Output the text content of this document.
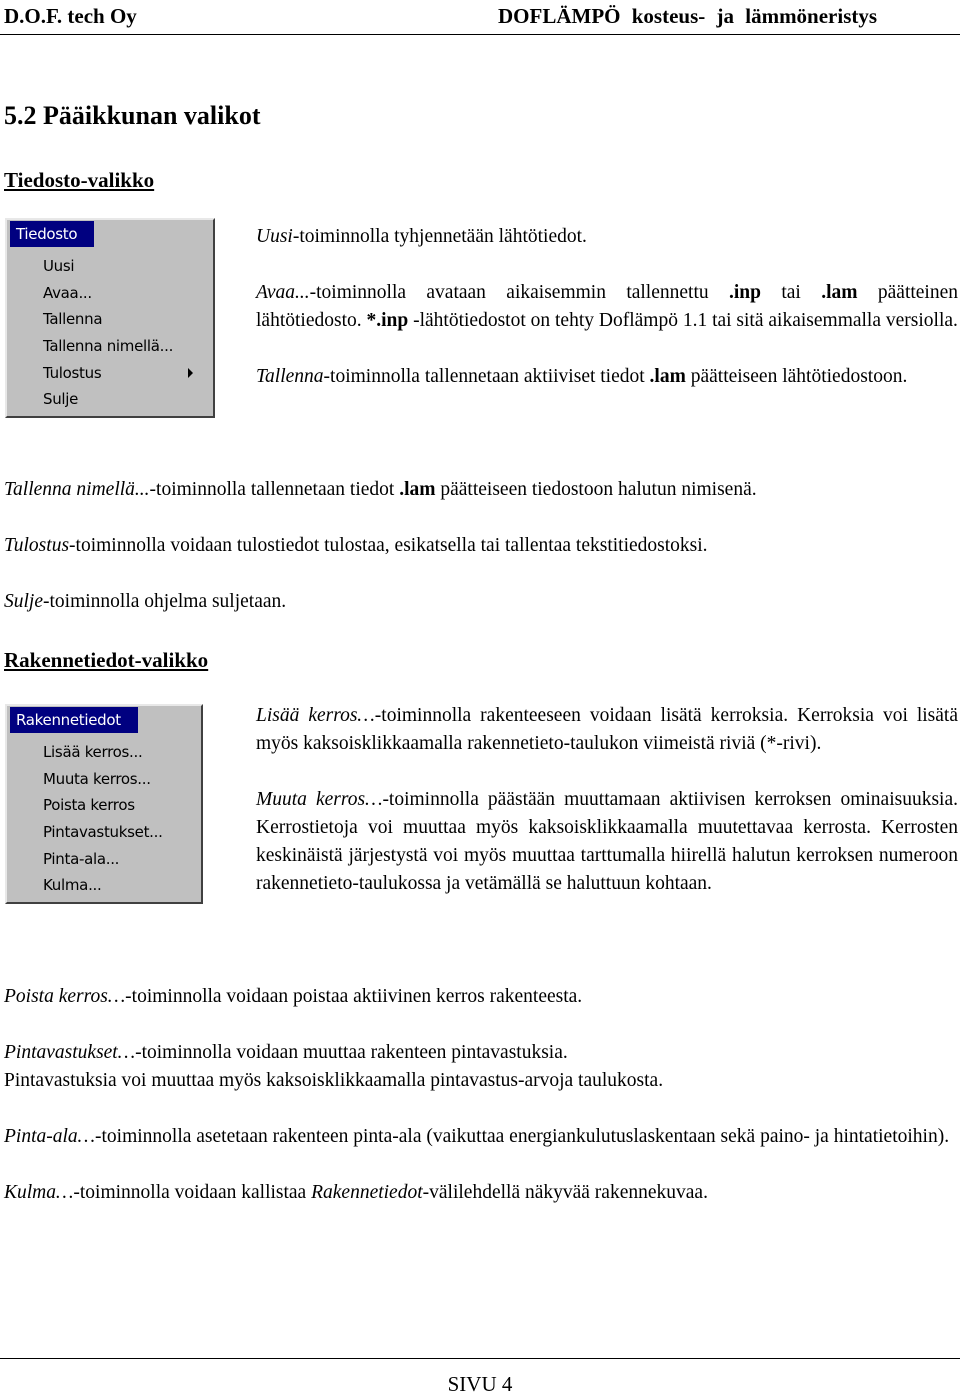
D.O.F. tech Oy	DOFLÄMPÖ kosteus- ja lämmöneristys
5.2 Pääikkunan valikot
Tiedosto-valikko
Tiedosto
Uusi
Avaa...
Tallenna
Tallenna nimellä...
Tulostus
Sulje

Uusi-toiminnolla tyhjennetään lähtötiedot.

Avaa...-toiminnolla avataan aikaisemmin tallennettu .inp tai .lam päätteinen lähtötiedosto. *.inp -lähtötiedostot on tehty Doflämpö 1.1 tai sitä aikaisemmalla versiolla.

Tallenna-toiminnolla tallennetaan aktiiviset tiedot .lam päätteiseen lähtötiedostoon.

Tallenna nimellä...-toiminnolla tallennetaan tiedot .lam päätteiseen tiedostoon halutun nimisenä.

Tulostus-toiminnolla voidaan tulostiedot tulostaa, esikatsella tai tallentaa tekstitiedostoksi.

Sulje-toiminnolla ohjelma suljetaan.

Rakennetiedot-valikko
Rakennetiedot
Lisää kerros...
Muuta kerros...
Poista kerros
Pintavastukset...
Pinta-ala...
Kulma...

Lisää kerros…-toiminnolla rakenteeseen voidaan lisätä kerroksia. Kerroksia voi lisätä myös kaksoisklikkaamalla rakennetieto-taulukon viimeistä riviä (*-rivi).

Muuta kerros…-toiminnolla päästään muuttamaan aktiivisen kerroksen ominaisuuksia. Kerrostietoja voi muuttaa myös kaksoisklikkaamalla muutettavaa kerrosta. Kerrosten keskinäistä järjestystä voi myös muuttaa tarttumalla hiirellä halutun kerroksen numeroon rakennetieto-taulukossa ja vetämällä se haluttuun kohtaan.

Poista kerros…-toiminnolla voidaan poistaa aktiivinen kerros rakenteesta.

Pintavastukset…-toiminnolla voidaan muuttaa rakenteen pintavastuksia.
Pintavastuksia voi muuttaa myös kaksoisklikkaamalla pintavastus-arvoja taulukosta.

Pinta-ala…-toiminnolla asetetaan rakenteen pinta-ala (vaikuttaa energiankulutuslaskentaan sekä paino- ja hintatietoihin).

Kulma…-toiminnolla voidaan kallistaa Rakennetiedot-välilehdellä näkyvää rakennekuvaa.

SIVU 4
